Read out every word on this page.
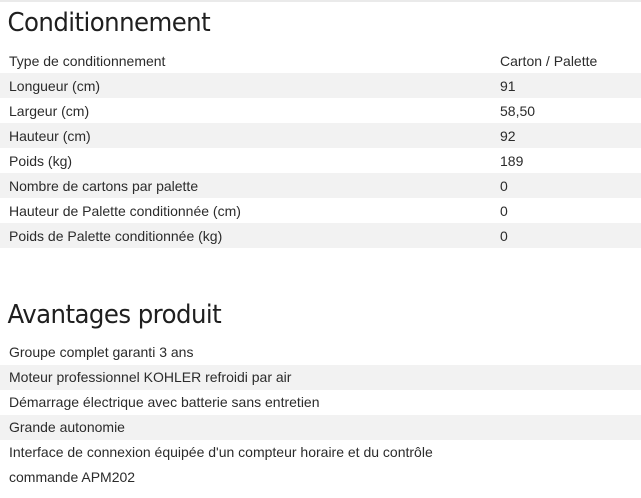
Conditionnement
Type de conditionnement	Carton / Palette
Longueur (cm)	91
Largeur (cm)	58,50
Hauteur (cm)	92
Poids (kg)	189
Nombre de cartons par palette	0
Hauteur de Palette conditionnée (cm)	0
Poids de Palette conditionnée (kg)	0
Avantages produit
Groupe complet garanti 3 ans
Moteur professionnel KOHLER refroidi par air
Démarrage électrique avec batterie sans entretien
Grande autonomie
Interface de connexion équipée d'un compteur horaire et du contrôle commande APM202
